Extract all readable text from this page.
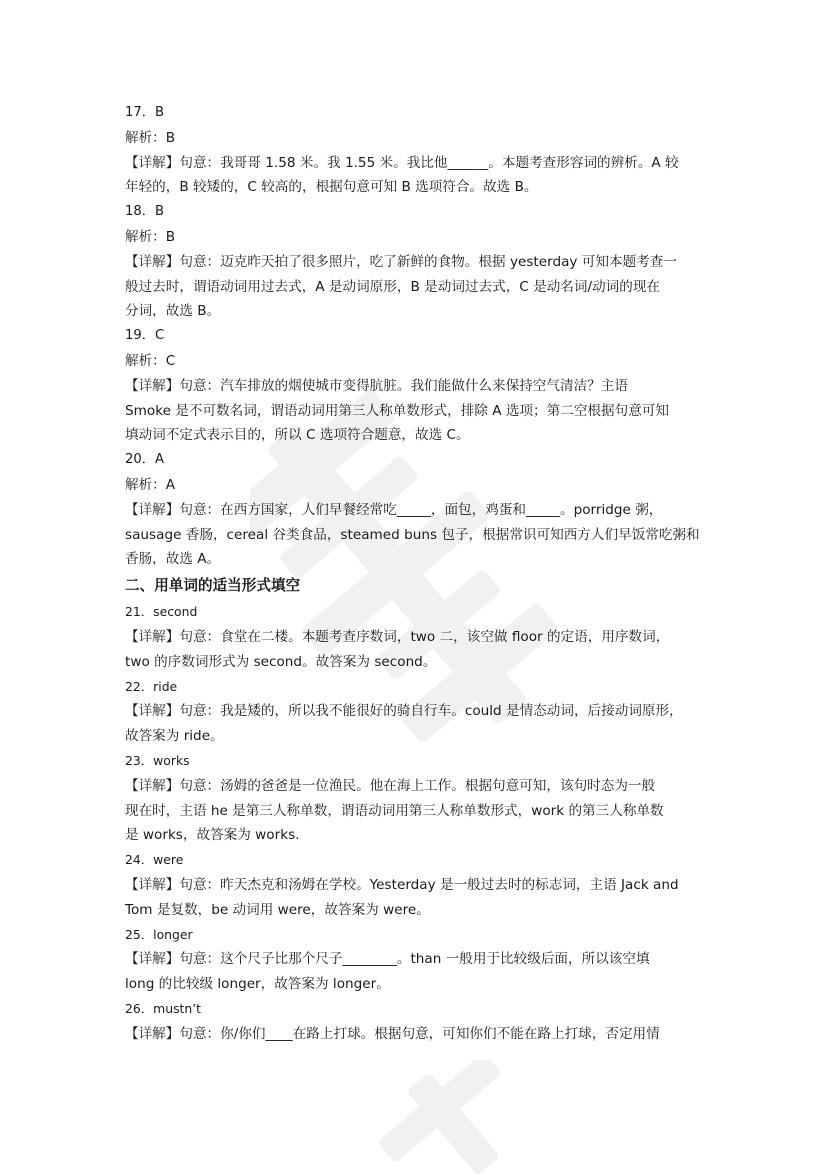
17．B
解析：B
【详解】句意：我哥哥 1.58 米。我 1.55 米。我比他______。本题考查形容词的辨析。A 较
年轻的，B 较矮的，C 较高的，根据句意可知 B 选项符合。故选 B。
18．B
解析：B
【详解】句意：迈克昨天拍了很多照片，吃了新鲜的食物。根据 yesterday 可知本题考查一
般过去时，谓语动词用过去式，A 是动词原形，B 是动词过去式，C 是动名词/动词的现在
分词，故选 B。
19．C
解析：C
【详解】句意：汽车排放的烟使城市变得肮脏。我们能做什么来保持空气清洁？主语
Smoke 是不可数名词，谓语动词用第三人称单数形式，排除 A 选项；第二空根据句意可知
填动词不定式表示目的，所以 C 选项符合题意，故选 C。
20．A
解析：A
【详解】句意：在西方国家，人们早餐经常吃_____，面包，鸡蛋和_____。porridge 粥，
sausage 香肠，cereal 谷类食品，steamed buns 包子，根据常识可知西方人们早饭常吃粥和
香肠，故选 A。
二、用单词的适当形式填空
21．second
【详解】句意：食堂在二楼。本题考查序数词，two 二，该空做 floor 的定语，用序数词，
two 的序数词形式为 second。故答案为 second。
22．ride
【详解】句意：我是矮的，所以我不能很好的骑自行车。could 是情态动词，后接动词原形，
故答案为 ride。
23．works
【详解】句意：汤姆的爸爸是一位渔民。他在海上工作。根据句意可知，该句时态为一般
现在时，主语 he 是第三人称单数，谓语动词用第三人称单数形式，work 的第三人称单数
是 works，故答案为 works.
24．were
【详解】句意：昨天杰克和汤姆在学校。Yesterday 是一般过去时的标志词，主语 Jack and
Tom 是复数，be 动词用 were，故答案为 were。
25．longer
【详解】句意：这个尺子比那个尺子________。than 一般用于比较级后面，所以该空填
long 的比较级 longer，故答案为 longer。
26．mustn’t
【详解】句意：你/你们____在路上打球。根据句意，可知你们不能在路上打球，否定用情
